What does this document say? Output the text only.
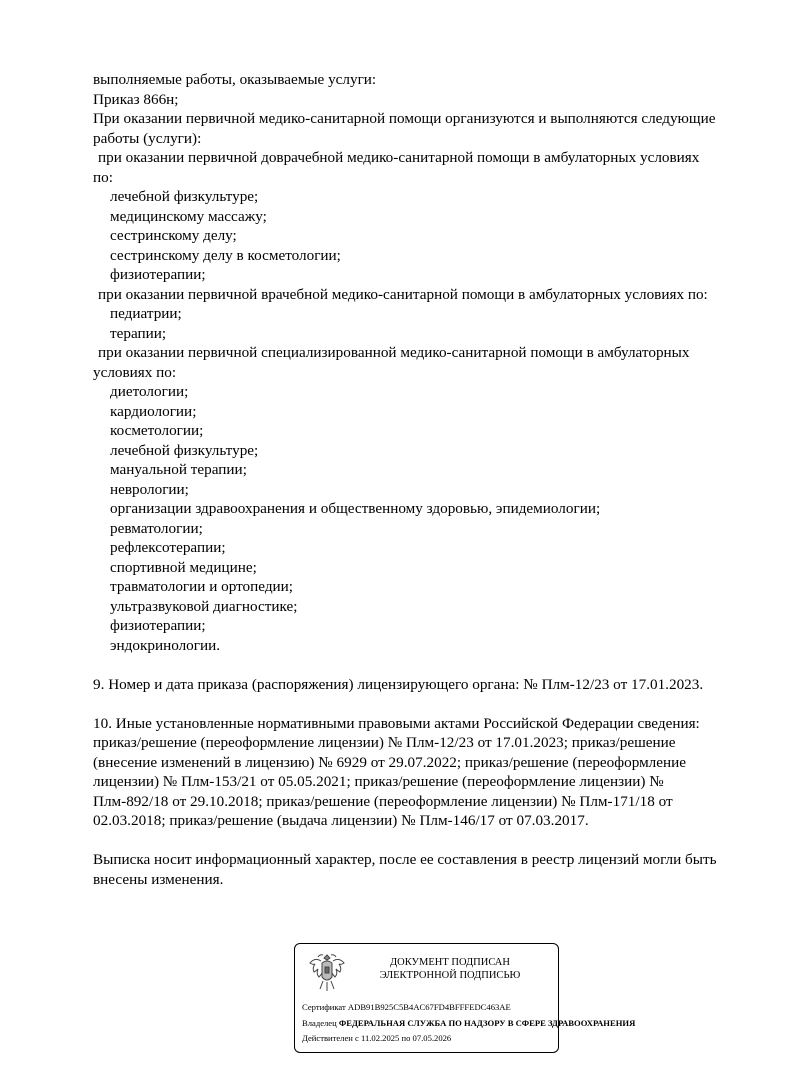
выполняемые работы, оказываемые услуги:
Приказ 866н;
При оказании первичной медико-санитарной помощи организуются и выполняются следующие
работы (услуги):
при оказании первичной доврачебной медико-санитарной помощи в амбулаторных условиях
по:
лечебной физкультуре;
медицинскому массажу;
сестринскому делу;
сестринскому делу в косметологии;
физиотерапии;
при оказании первичной врачебной медико-санитарной помощи в амбулаторных условиях по:
педиатрии;
терапии;
при оказании первичной специализированной медико-санитарной помощи в амбулаторных
условиях по:
диетологии;
кардиологии;
косметологии;
лечебной физкультуре;
мануальной терапии;
неврологии;
организации здравоохранения и общественному здоровью, эпидемиологии;
ревматологии;
рефлексотерапии;
спортивной медицине;
травматологии и ортопедии;
ультразвуковой диагностике;
физиотерапии;
эндокринологии.
9. Номер и дата приказа (распоряжения) лицензирующего органа: № Плм-12/23 от 17.01.2023.
10. Иные установленные нормативными правовыми актами Российской Федерации сведения:
приказ/решение (переоформление лицензии) № Плм-12/23 от 17.01.2023; приказ/решение
(внесение изменений в лицензию) № 6929 от 29.07.2022; приказ/решение (переоформление
лицензии) № Плм-153/21 от 05.05.2021; приказ/решение (переоформление лицензии) №
Плм-892/18 от 29.10.2018; приказ/решение (переоформление лицензии) № Плм-171/18 от
02.03.2018; приказ/решение (выдача лицензии) № Плм-146/17 от 07.03.2017.
Выписка носит информационный характер, после ее составления в реестр лицензий могли быть
внесены изменения.
ДОКУМЕНТ ПОДПИСАН
ЭЛЕКТРОННОЙ ПОДПИСЬЮ
Сертификат ADB91B925C5B4AC67FD4BFFFEDC463AE
Владелец ФЕДЕРАЛЬНАЯ СЛУЖБА ПО НАДЗОРУ В СФЕРЕ ЗДРАВООХРАНЕНИЯ
Действителен с 11.02.2025 по 07.05.2026
